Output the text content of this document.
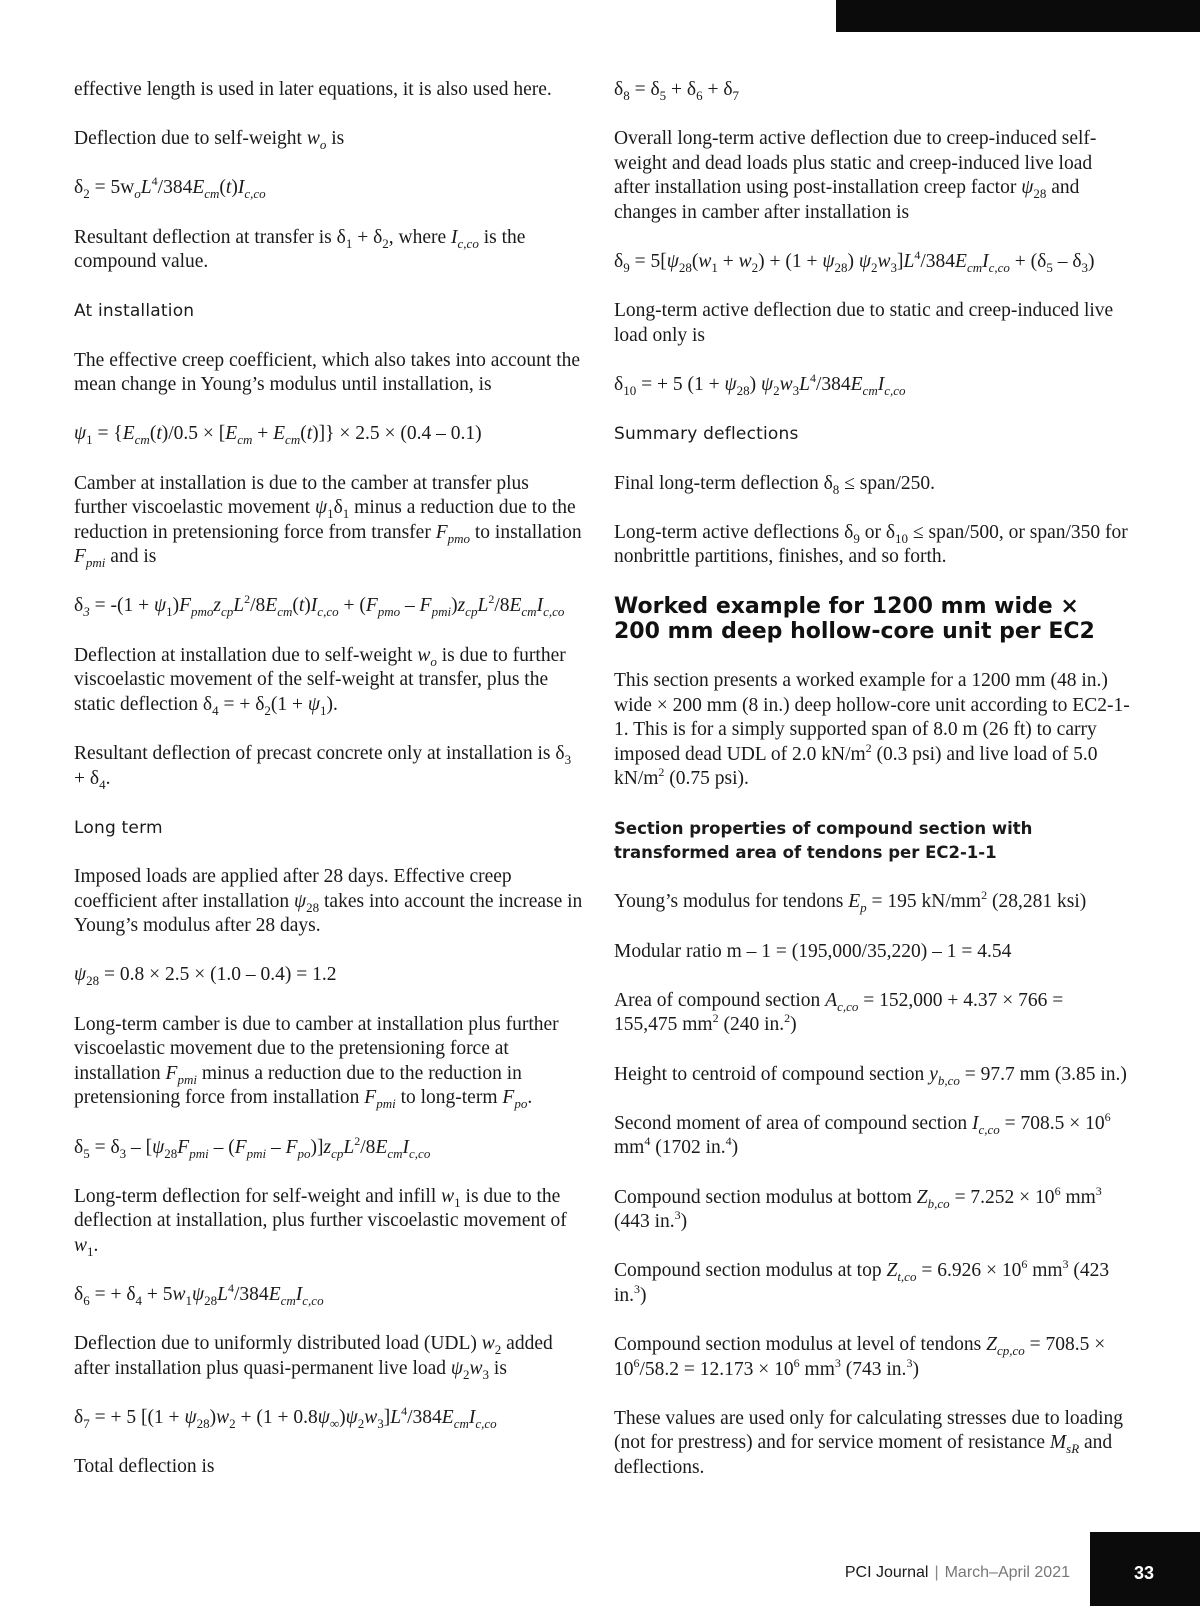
effective length is used in later equations, it is also used here.

Deflection due to self-weight $w_o$ is

$\delta_2 = 5w_oL^4/384E_{cm}(t)I_{c,co}$

Resultant deflection at transfer is $\delta_1 + \delta_2$, where $I_{c,co}$ is the compound value.

At installation

The effective creep coefficient, which also takes into account the mean change in Young’s modulus until installation, is

$\psi_1 = \{E_{cm}(t)/0.5 \times [E_{cm} + E_{cm}(t)]\} \times 2.5 \times (0.4 - 0.1)$

Camber at installation is due to the camber at transfer plus further viscoelastic movement $\psi_1\delta_1$ minus a reduction due to the reduction in pretensioning force from transfer $F_{pmo}$ to installation $F_{pmi}$ and is

$\delta_3 = -(1 + \psi_1)F_{pmo}z_{cp}L^2/8E_{cm}(t)I_{c,co} + (F_{pmo} - F_{pmi})z_{cp}L^2/8E_{cm}I_{c,co}$

Deflection at installation due to self-weight $w_o$ is due to further viscoelastic movement of the self-weight at transfer, plus the static deflection $\delta_4$ = + $\delta_2(1 + \psi_1)$.

Resultant deflection of precast concrete only at installation is $\delta_3 + \delta_4$.

Long term

Imposed loads are applied after 28 days. Effective creep coefficient after installation $\psi_{28}$ takes into account the increase in Young’s modulus after 28 days.

$\psi_{28} = 0.8 \times 2.5 \times (1.0 - 0.4) = 1.2$

Long-term camber is due to camber at installation plus further viscoelastic movement due to the pretensioning force at installation $F_{pmi}$ minus a reduction due to the reduction in pretensioning force from installation $F_{pmi}$ to long-term $F_{po}$.

$\delta_5 = \delta_3 - [\psi_{28}F_{pmi} - (F_{pmi} - F_{po})]z_{cp}L^2/8E_{cm}I_{c,co}$

Long-term deflection for self-weight and infill $w_1$ is due to the deflection at installation, plus further viscoelastic movement of $w_1$.

$\delta_6$ = + $\delta_4 + 5w_1\psi_{28}L^4/384E_{cm}I_{c,co}$

Deflection due to uniformly distributed load (UDL) $w_2$ added after installation plus quasi-permanent live load $\psi_2w_3$ is

$\delta_7$ = + 5 $[(1 + \psi_{28})w_2 + (1 + 0.8\psi_\infty)\psi_2w_3]L^4/384E_{cm}I_{c,co}$

Total deflection is

$\delta_8 = \delta_5 + \delta_6 + \delta_7$

Overall long-term active deflection due to creep-induced self-weight and dead loads plus static and creep-induced live load after installation using post-installation creep factor $\psi_{28}$ and changes in camber after installation is

$\delta_9 = 5[\psi_{28}(w_1 + w_2) + (1 + \psi_{28}) \psi_2w_3]L^4/384E_{cm}I_{c,co} + (\delta_5 - \delta_3)$

Long-term active deflection due to static and creep-induced live load only is

$\delta_{10}$ = + 5 $(1 + \psi_{28})$ $\psi_2w_3L^4/384E_{cm}I_{c,co}$

Summary deflections

Final long-term deflection $\delta_8$ ≤ span/250.

Long-term active deflections $\delta_9$ or $\delta_{10}$ ≤ span/500, or span/350 for nonbrittle partitions, finishes, and so forth.

Worked example for 1200 mm wide × 200 mm deep hollow-core unit per EC2

This section presents a worked example for a 1200 mm (48 in.) wide × 200 mm (8 in.) deep hollow-core unit according to EC2-1-1. This is for a simply supported span of 8.0 m (26 ft) to carry imposed dead UDL of 2.0 $kN/m^2$ (0.3 psi) and live load of 5.0 $kN/m^2$ (0.75 psi).

Section properties of compound section with transformed area of tendons per EC2-1-1

Young’s modulus for tendons $E_p = 195$ $kN/mm^2$ (28,281 ksi)

Modular ratio m – 1 = (195,000/35,220) – 1 = 4.54

Area of compound section $A_{c,co} = 152,000 + 4.37 \times 766 = 155,475$ $mm^2$ (240 in.$^2$)

Height to centroid of compound section $y_{b,co} = 97.7$ mm (3.85 in.)

Second moment of area of compound section $I_{c,co} = 708.5 \times 10^6$ $mm^4$ (1702 in.$^4$)

Compound section modulus at bottom $Z_{b,co} = 7.252 \times 10^6$ $mm^3$ (443 in.$^3$)

Compound section modulus at top $Z_{t,co} = 6.926 \times 10^6$ $mm^3$ (423 in.$^3$)

Compound section modulus at level of tendons $Z_{cp,co} = 708.5 \times 10^6/58.2 = 12.173 \times 10^6$ $mm^3$ (743 in.$^3$)

These values are used only for calculating stresses due to loading (not for prestress) and for service moment of resistance $M_{sR}$ and deflections.

PCI Journal | March–April 2021	33
